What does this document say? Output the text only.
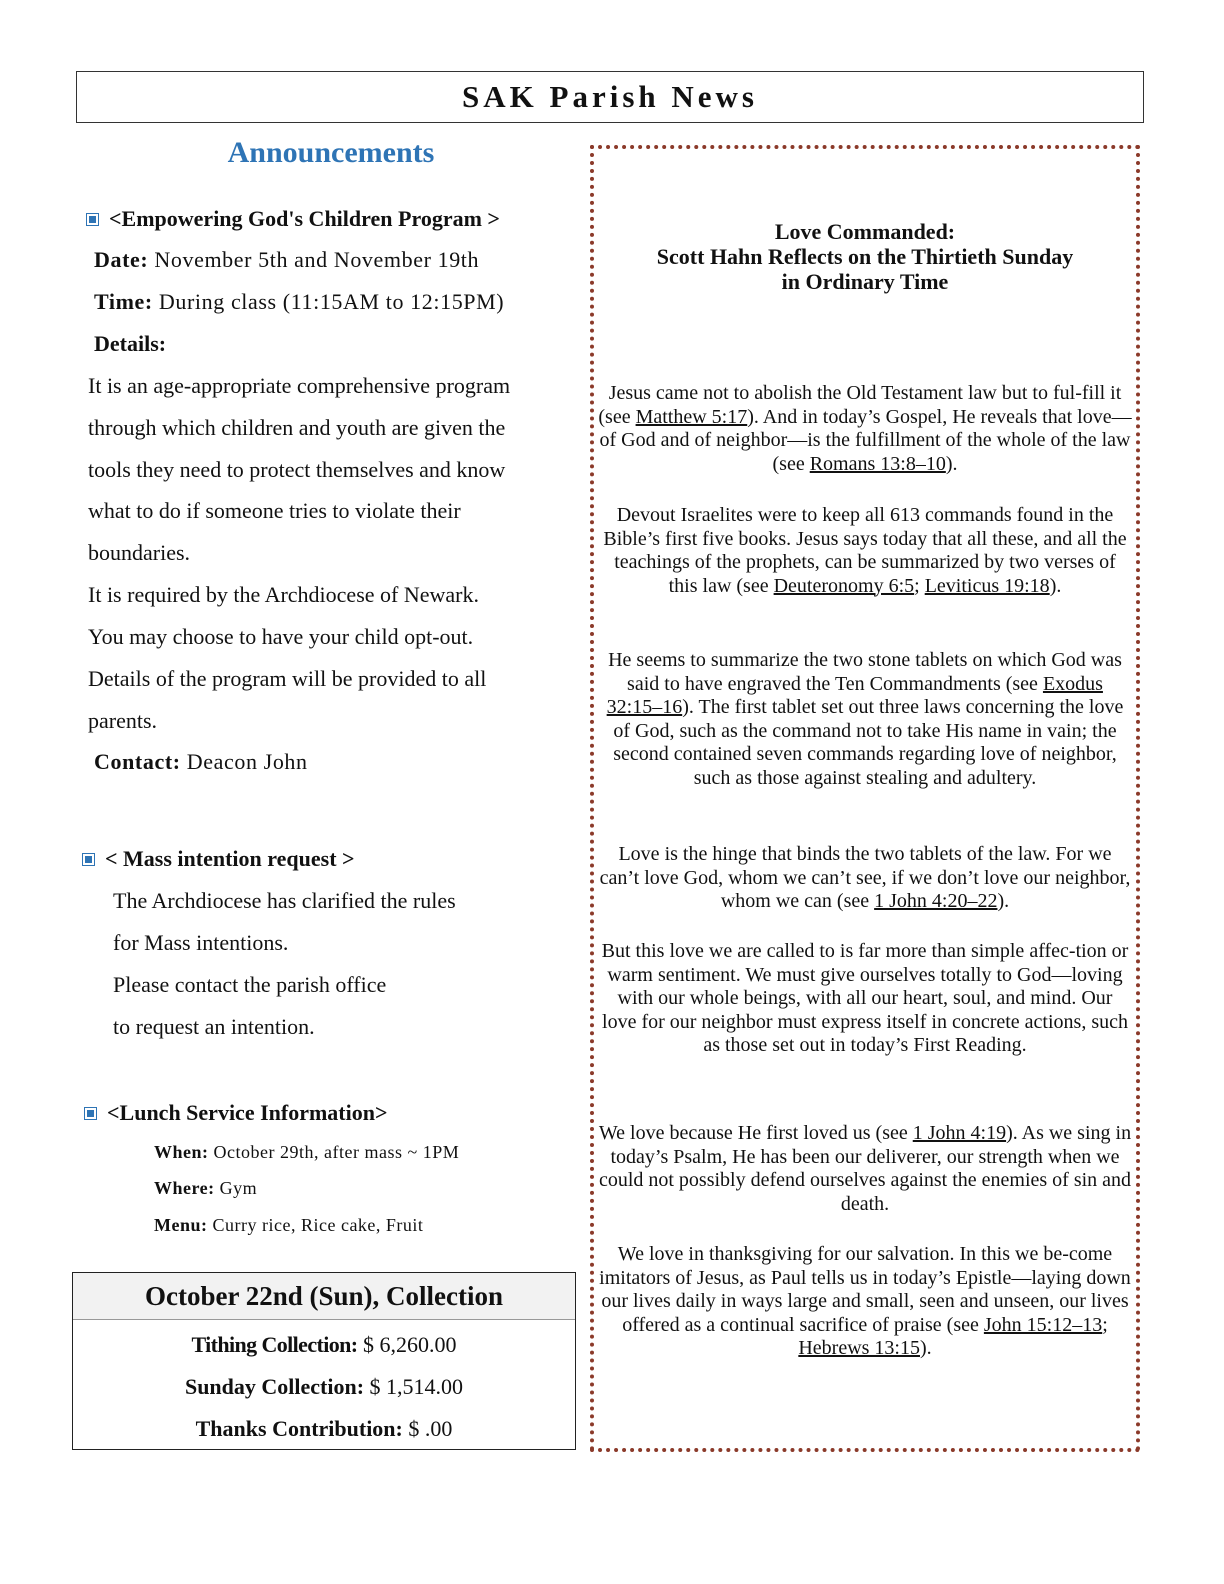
SAK Parish News
Announcements
<Empowering God's Children Program >
Date: November 5th and November 19th
Time: During class (11:15AM to 12:15PM)
Details:
It is an age-appropriate comprehensive program
through which children and youth are given the
tools they need to protect themselves and know
what to do if someone tries to violate their
boundaries.
It is required by the Archdiocese of Newark.
You may choose to have your child opt-out.
Details of the program will be provided to all
parents.
Contact: Deacon John
< Mass intention request >
The Archdiocese has clarified the rules
for Mass intentions.
Please contact the parish office
to request an intention.
<Lunch Service Information>
When: October 29th, after mass ~ 1PM
Where: Gym
Menu: Curry rice, Rice cake, Fruit
October 22nd (Sun), Collection
Tithing Collection: $ 6,260.00
Sunday Collection: $ 1,514.00
Thanks Contribution: $ .00
Love Commanded:
Scott Hahn Reflects on the Thirtieth Sunday
in Ordinary Time
Jesus came not to abolish the Old Testament law but to ful-fill it (see Matthew 5:17). And in today’s Gospel, He reveals that love—of God and of neighbor—is the fulfillment of the whole of the law (see Romans 13:8–10).
Devout Israelites were to keep all 613 commands found in the Bible’s first five books. Jesus says today that all these, and all the teachings of the prophets, can be summarized by two verses of this law (see Deuteronomy 6:5; Leviticus 19:18).
He seems to summarize the two stone tablets on which God was said to have engraved the Ten Commandments (see Exodus 32:15–16). The first tablet set out three laws concerning the love of God, such as the command not to take His name in vain; the second contained seven commands regarding love of neighbor, such as those against stealing and adultery.
Love is the hinge that binds the two tablets of the law. For we can’t love God, whom we can’t see, if we don’t love our neighbor, whom we can (see 1 John 4:20–22).
But this love we are called to is far more than simple affec-tion or warm sentiment. We must give ourselves totally to God—loving with our whole beings, with all our heart, soul, and mind. Our love for our neighbor must express itself in concrete actions, such as those set out in today’s First Reading.
We love because He first loved us (see 1 John 4:19). As we sing in today’s Psalm, He has been our deliverer, our strength when we could not possibly defend ourselves against the enemies of sin and death.
We love in thanksgiving for our salvation. In this we be-come imitators of Jesus, as Paul tells us in today’s Epistle—laying down our lives daily in ways large and small, seen and unseen, our lives offered as a continual sacrifice of praise (see John 15:12–13; Hebrews 13:15).
